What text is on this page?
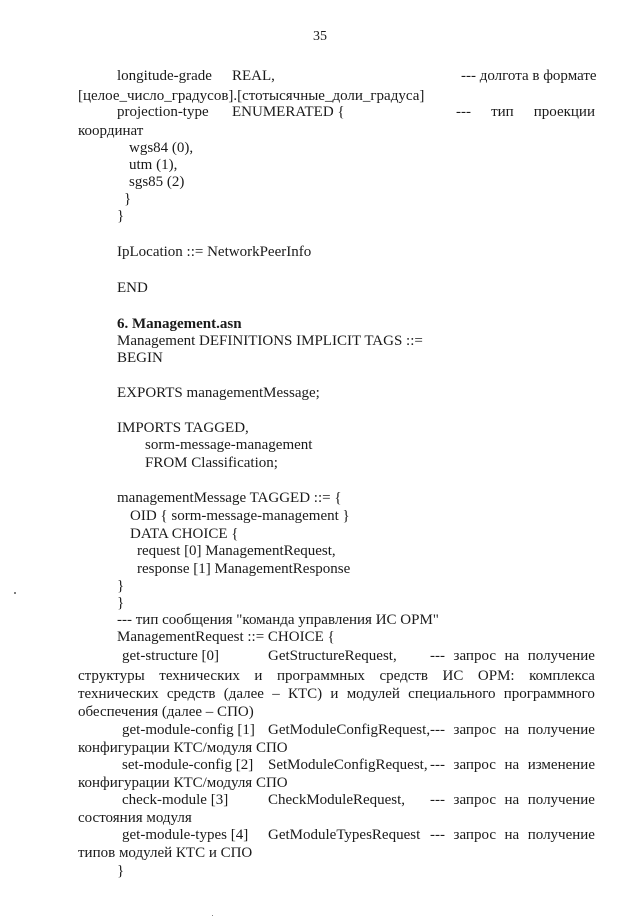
35
longitude-grade REAL,	--- долгота в формате
[целое_число_градусов].[стотысячные_доли_градуса]
projection-type ENUMERATED {	--- тип проекции
координат
wgs84 (0),
utm (1),
sgs85 (2)
}
}
IpLocation ::= NetworkPeerInfo
END
6. Management.asn
Management DEFINITIONS IMPLICIT TAGS ::=
BEGIN
EXPORTS managementMessage;
IMPORTS TAGGED,
sorm-message-management
FROM Classification;
managementMessage TAGGED ::= {
OID { sorm-message-management }
DATA CHOICE {
request [0] ManagementRequest,
response [1] ManagementResponse
}
}
--- тип сообщения "команда управления ИС ОРМ"
ManagementRequest ::= CHOICE {
get-structure [0]	GetStructureRequest, --- запрос на получение
структуры технических и программных средств ИС ОРМ: комплекса
технических средств (далее – КТС) и модулей специального программного
обеспечения (далее – СПО)
get-module-config [1] GetModuleConfigRequest, --- запрос на получение
конфигурации КТС/модуля СПО
set-module-config [2] SetModuleConfigRequest, --- запрос на изменение
конфигурации КТС/модуля СПО
check-module [3]	CheckModuleRequest, --- запрос на получение
состояния модуля
get-module-types [4] GetModuleTypesRequest --- запрос на получение
типов модулей КТС и СПО
}
